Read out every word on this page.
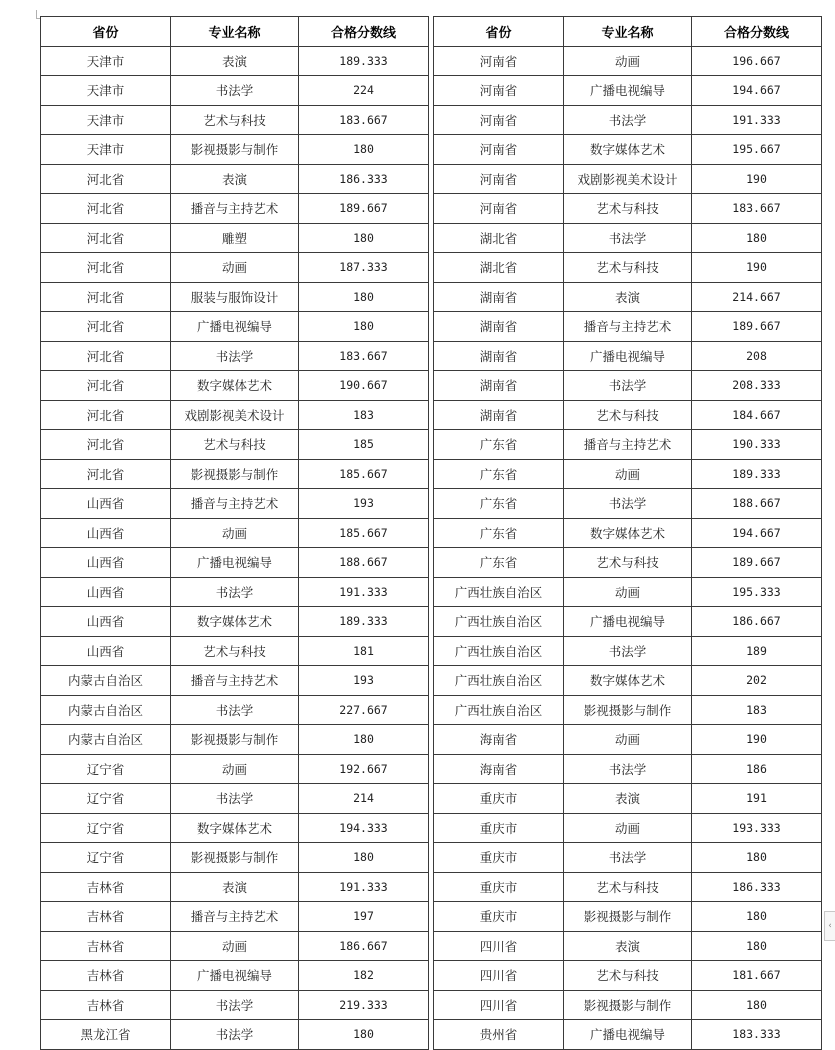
省份	专业名称	合格分数线
天津市	表演	189.333
天津市	书法学	224
天津市	艺术与科技	183.667
天津市	影视摄影与制作	180
河北省	表演	186.333
河北省	播音与主持艺术	189.667
河北省	雕塑	180
河北省	动画	187.333
河北省	服装与服饰设计	180
河北省	广播电视编导	180
河北省	书法学	183.667
河北省	数字媒体艺术	190.667
河北省	戏剧影视美术设计	183
河北省	艺术与科技	185
河北省	影视摄影与制作	185.667
山西省	播音与主持艺术	193
山西省	动画	185.667
山西省	广播电视编导	188.667
山西省	书法学	191.333
山西省	数字媒体艺术	189.333
山西省	艺术与科技	181
内蒙古自治区	播音与主持艺术	193
内蒙古自治区	书法学	227.667
内蒙古自治区	影视摄影与制作	180
辽宁省	动画	192.667
辽宁省	书法学	214
辽宁省	数字媒体艺术	194.333
辽宁省	影视摄影与制作	180
吉林省	表演	191.333
吉林省	播音与主持艺术	197
吉林省	动画	186.667
吉林省	广播电视编导	182
吉林省	书法学	219.333
黑龙江省	书法学	180
省份	专业名称	合格分数线
河南省	动画	196.667
河南省	广播电视编导	194.667
河南省	书法学	191.333
河南省	数字媒体艺术	195.667
河南省	戏剧影视美术设计	190
河南省	艺术与科技	183.667
湖北省	书法学	180
湖北省	艺术与科技	190
湖南省	表演	214.667
湖南省	播音与主持艺术	189.667
湖南省	广播电视编导	208
湖南省	书法学	208.333
湖南省	艺术与科技	184.667
广东省	播音与主持艺术	190.333
广东省	动画	189.333
广东省	书法学	188.667
广东省	数字媒体艺术	194.667
广东省	艺术与科技	189.667
广西壮族自治区	动画	195.333
广西壮族自治区	广播电视编导	186.667
广西壮族自治区	书法学	189
广西壮族自治区	数字媒体艺术	202
广西壮族自治区	影视摄影与制作	183
海南省	动画	190
海南省	书法学	186
重庆市	表演	191
重庆市	动画	193.333
重庆市	书法学	180
重庆市	艺术与科技	186.333
重庆市	影视摄影与制作	180
四川省	表演	180
四川省	艺术与科技	181.667
四川省	影视摄影与制作	180
贵州省	广播电视编导	183.333
‹
